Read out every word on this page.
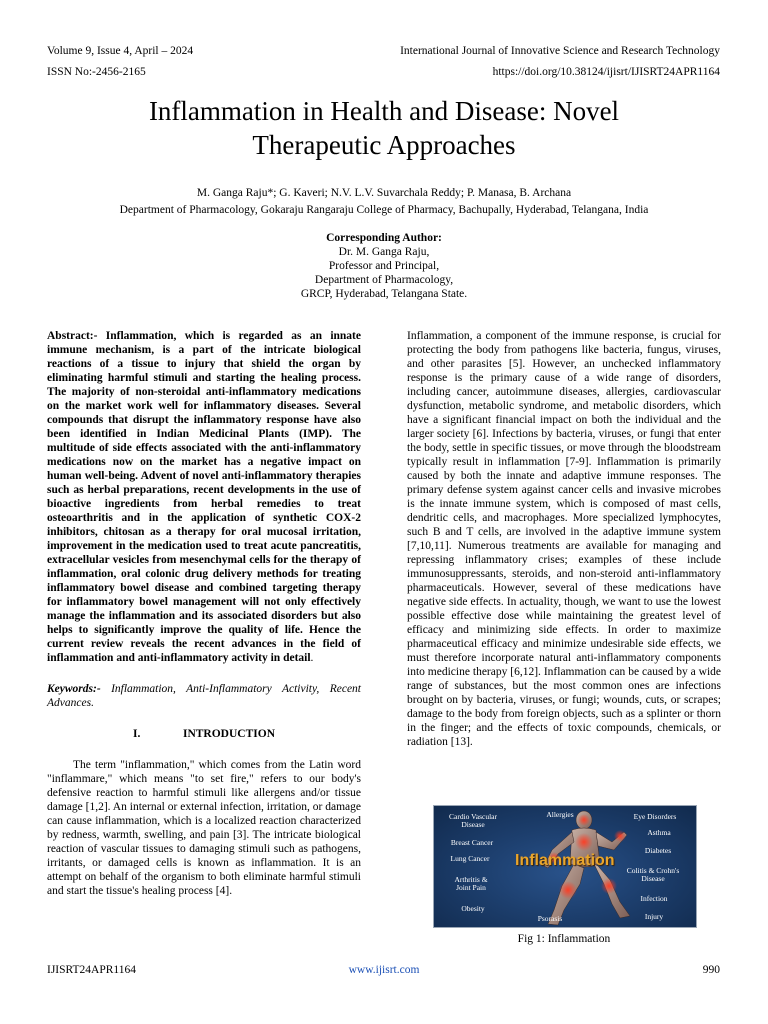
Volume 9, Issue 4, April – 2024	International Journal of Innovative Science and Research Technology
ISSN No:-2456-2165	https://doi.org/10.38124/ijisrt/IJISRT24APR1164
Inflammation in Health and Disease: Novel
Therapeutic Approaches
M. Ganga Raju*; G. Kaveri; N.V. L.V. Suvarchala Reddy; P. Manasa, B. Archana
Department of Pharmacology, Gokaraju Rangaraju College of Pharmacy, Bachupally, Hyderabad, Telangana, India
Corresponding Author:
Dr. M. Ganga Raju,
Professor and Principal,
Department of Pharmacology,
GRCP, Hyderabad, Telangana State.

Abstract:- Inflammation, which is regarded as an innate immune mechanism, is a part of the intricate biological reactions of a tissue to injury that shield the organ by eliminating harmful stimuli and starting the healing process. The majority of non-steroidal anti-inflammatory medications on the market work well for inflammatory diseases. Several compounds that disrupt the inflammatory response have also been identified in Indian Medicinal Plants (IMP). The multitude of side effects associated with the anti-inflammatory medications now on the market has a negative impact on human well-being. Advent of novel anti-inflammatory therapies such as herbal preparations, recent developments in the use of bioactive ingredients from herbal remedies to treat osteoarthritis and in the application of synthetic COX-2 inhibitors, chitosan as a therapy for oral mucosal irritation, improvement in the medication used to treat acute pancreatitis, extracellular vesicles from mesenchymal cells for the therapy of inflammation, oral colonic drug delivery methods for treating inflammatory bowel disease and combined targeting therapy for inflammatory bowel management will not only effectively manage the inflammation and its associated disorders but also helps to significantly improve the quality of life. Hence the current review reveals the recent advances in the field of inflammation and anti-inflammatory activity in detail.

Keywords:- Inflammation, Anti-Inflammatory Activity, Recent Advances.

I.	INTRODUCTION

The term "inflammation," which comes from the Latin word "inflammare," which means "to set fire," refers to our body's defensive reaction to harmful stimuli like allergens and/or tissue damage [1,2]. An internal or external infection, irritation, or damage can cause inflammation, which is a localized reaction characterized by redness, warmth, swelling, and pain [3]. The intricate biological reaction of vascular tissues to damaging stimuli such as pathogens, irritants, or damaged cells is known as inflammation. It is an attempt on behalf of the organism to both eliminate harmful stimuli and start the tissue's healing process [4].

Inflammation, a component of the immune response, is crucial for protecting the body from pathogens like bacteria, fungus, viruses, and other parasites [5]. However, an unchecked inflammatory response is the primary cause of a wide range of disorders, including cancer, autoimmune diseases, allergies, cardiovascular dysfunction, metabolic syndrome, and metabolic disorders, which have a significant financial impact on both the individual and the larger society [6]. Infections by bacteria, viruses, or fungi that enter the body, settle in specific tissues, or move through the bloodstream typically result in inflammation [7-9]. Inflammation is primarily caused by both the innate and adaptive immune responses. The primary defense system against cancer cells and invasive microbes is the innate immune system, which is composed of mast cells, dendritic cells, and macrophages. More specialized lymphocytes, such B and T cells, are involved in the adaptive immune system [7,10,11]. Numerous treatments are available for managing and repressing inflammatory crises; examples of these include immunosuppressants, steroids, and non-steroid anti-inflammatory pharmaceuticals. However, several of these medications have negative side effects. In actuality, though, we want to use the lowest possible effective dose while maintaining the greatest level of efficacy and minimizing side effects. In order to maximize pharmaceutical efficacy and minimize undesirable side effects, we must therefore incorporate natural anti-inflammatory components into medicine therapy [6,12]. Inflammation can be caused by a wide range of substances, but the most common ones are infections brought on by bacteria, viruses, or fungi; wounds, cuts, or scrapes; damage to the body from foreign objects, such as a splinter or thorn in the finger; and the effects of toxic compounds, chemicals, or radiation [13].

Cardio Vascular
Disease
Allergies	Eye Disorders
Asthma
Breast Cancer
Diabetes
Lung Cancer
Colitis & Crohn's
Disease
Arthritis &
Joint Pain
Infection
Obesity
Injury
Psorasis
Inflammation
Fig 1: Inflammation
IJISRT24APR1164	www.ijisrt.com	990
